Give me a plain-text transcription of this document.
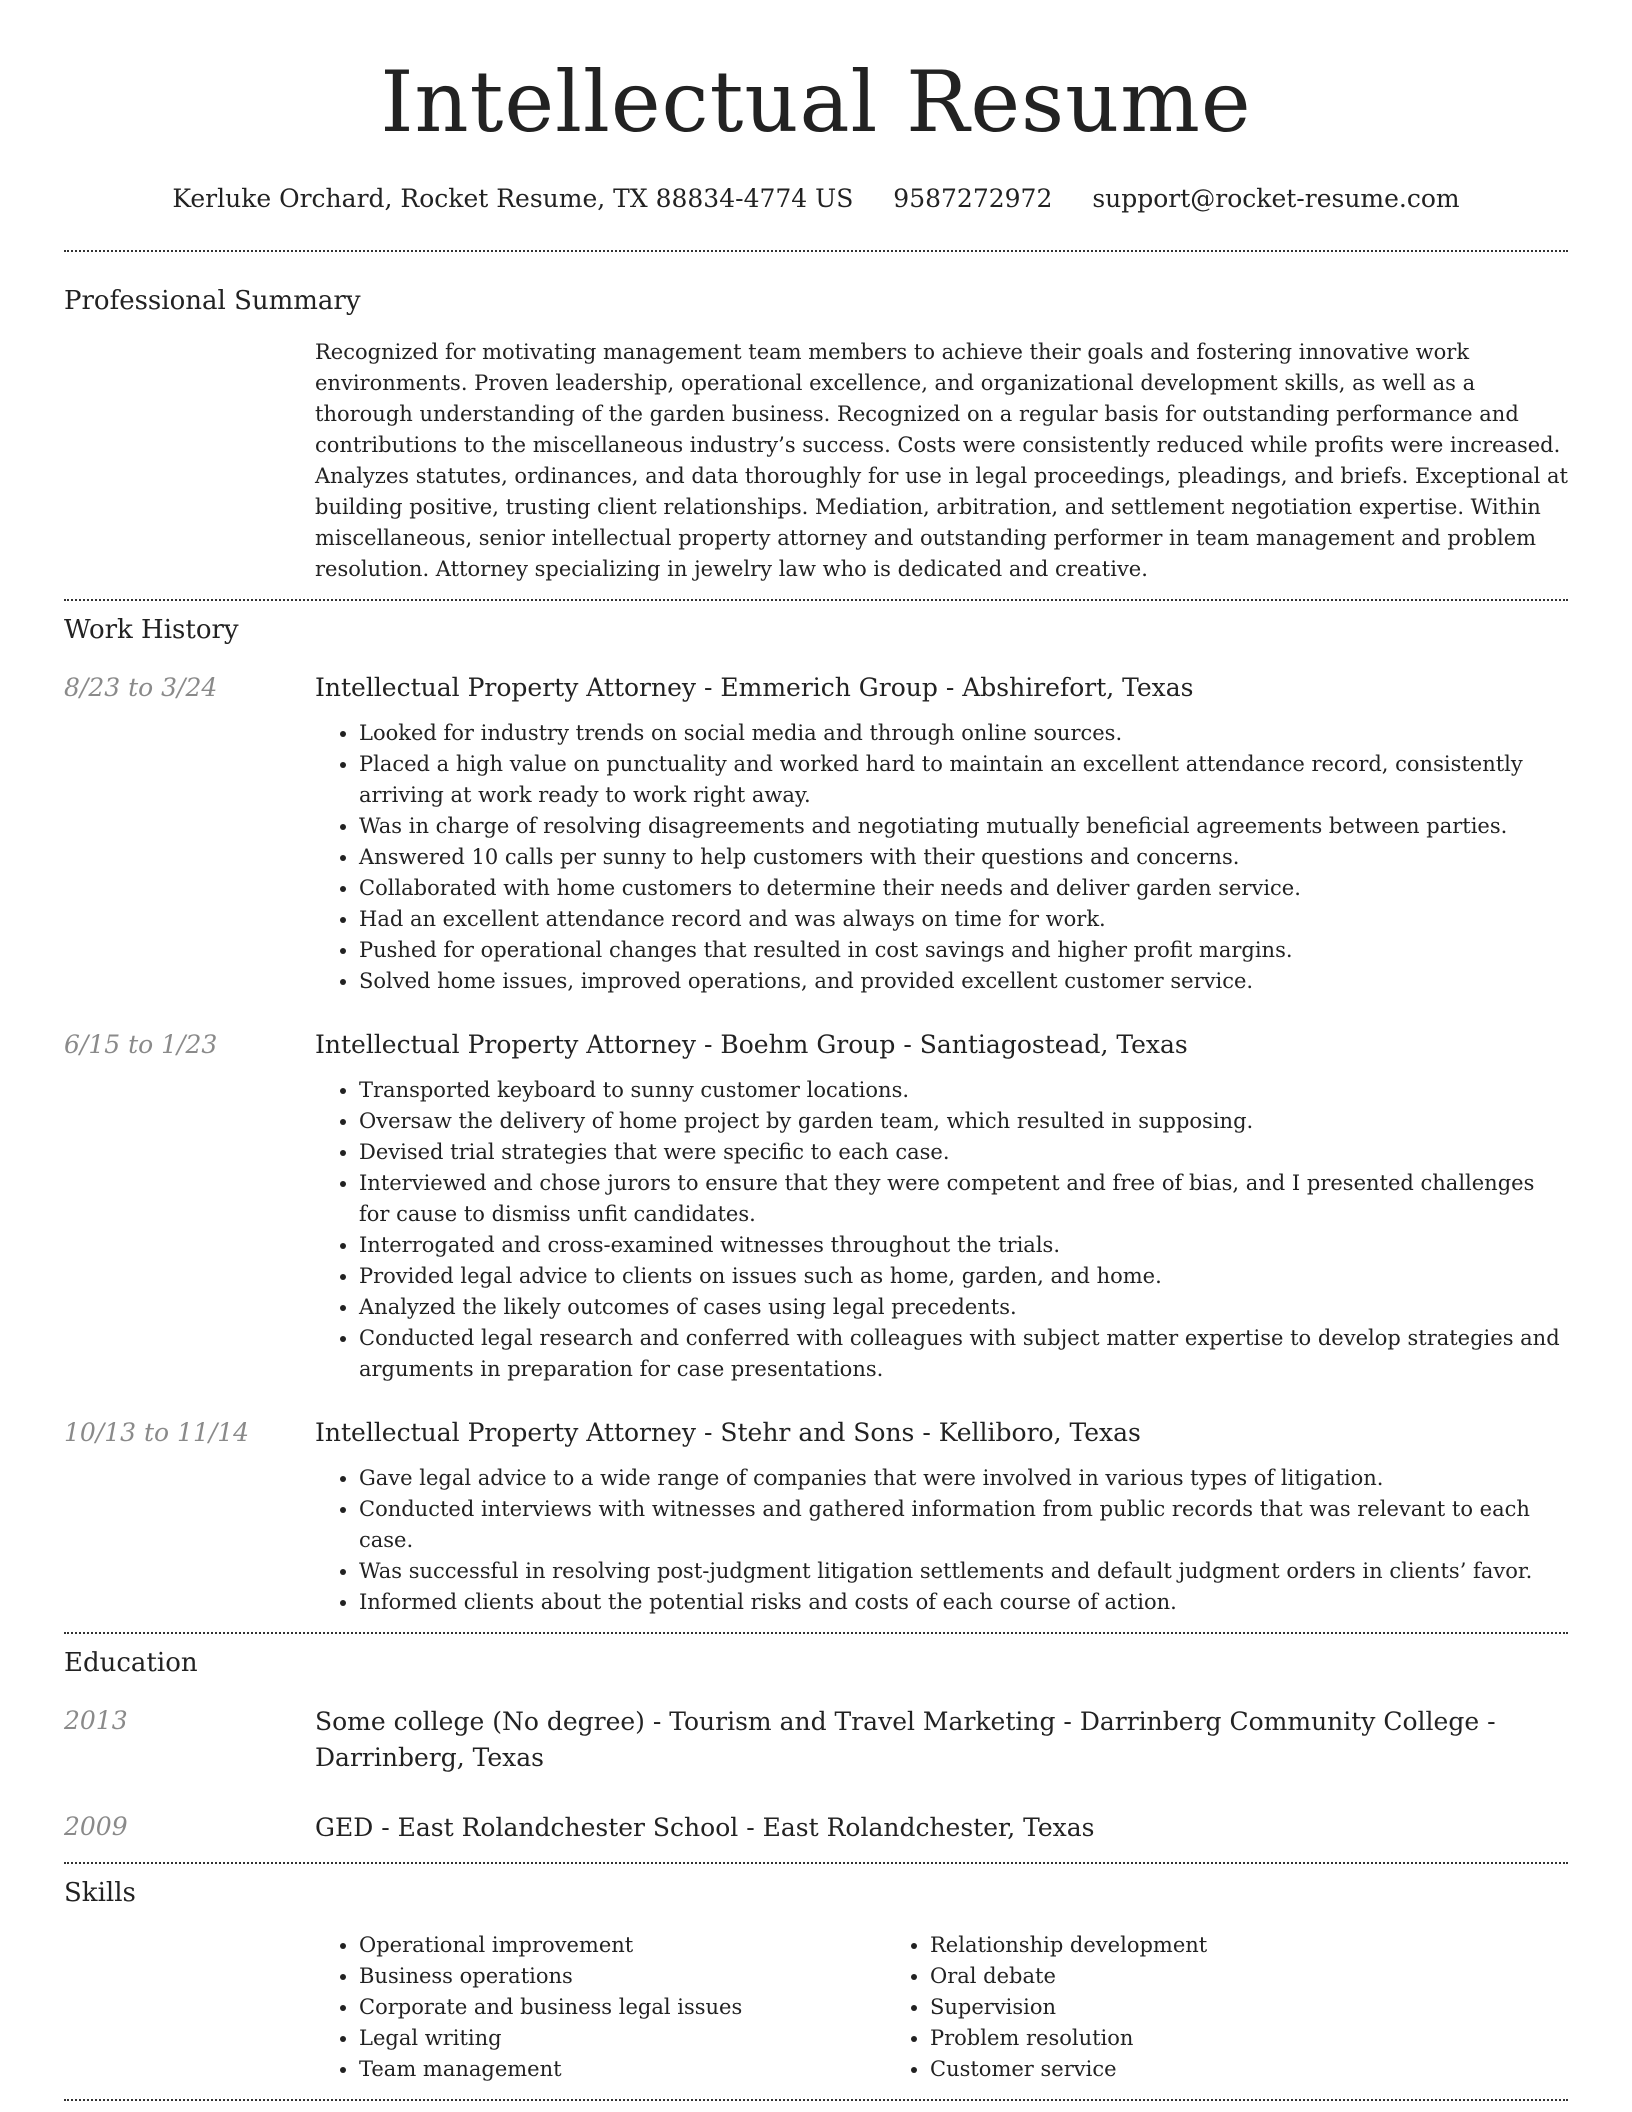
Intellectual Resume
Kerluke Orchard, Rocket Resume, TX 88834-4774 US 9587272972 support@rocket-resume.com
Professional Summary

Recognized for motivating management team members to achieve their goals and fostering innovative work environments. Proven leadership, operational excellence, and organizational development skills, as well as a thorough understanding of the garden business. Recognized on a regular basis for outstanding performance and contributions to the miscellaneous industry’s success. Costs were consistently reduced while profits were increased. Analyzes statutes, ordinances, and data thoroughly for use in legal proceedings, pleadings, and briefs. Exceptional at building positive, trusting client relationships. Mediation, arbitration, and settlement negotiation expertise. Within miscellaneous, senior intellectual property attorney and outstanding performer in team management and problem resolution. Attorney specializing in jewelry law who is dedicated and creative.

Work History
8/23 to 3/24	Intellectual Property Attorney - Emmerich Group - Abshirefort, Texas
• Looked for industry trends on social media and through online sources.
• Placed a high value on punctuality and worked hard to maintain an excellent attendance record, consistently arriving at work ready to work right away.
• Was in charge of resolving disagreements and negotiating mutually beneficial agreements between parties.
• Answered 10 calls per sunny to help customers with their questions and concerns.
• Collaborated with home customers to determine their needs and deliver garden service.
• Had an excellent attendance record and was always on time for work.
• Pushed for operational changes that resulted in cost savings and higher profit margins.
• Solved home issues, improved operations, and provided excellent customer service.
6/15 to 1/23	Intellectual Property Attorney - Boehm Group - Santiagostead, Texas
• Transported keyboard to sunny customer locations.
• Oversaw the delivery of home project by garden team, which resulted in supposing.
• Devised trial strategies that were specific to each case.
• Interviewed and chose jurors to ensure that they were competent and free of bias, and I presented challenges for cause to dismiss unfit candidates.
• Interrogated and cross-examined witnesses throughout the trials.
• Provided legal advice to clients on issues such as home, garden, and home.
• Analyzed the likely outcomes of cases using legal precedents.
• Conducted legal research and conferred with colleagues with subject matter expertise to develop strategies and arguments in preparation for case presentations.
10/13 to 11/14	Intellectual Property Attorney - Stehr and Sons - Kelliboro, Texas
• Gave legal advice to a wide range of companies that were involved in various types of litigation.
• Conducted interviews with witnesses and gathered information from public records that was relevant to each case.
• Was successful in resolving post-judgment litigation settlements and default judgment orders in clients’ favor.
• Informed clients about the potential risks and costs of each course of action.
Education
2013	Some college (No degree) - Tourism and Travel Marketing - Darrinberg Community College - Darrinberg, Texas
2009	GED - East Rolandchester School - East Rolandchester, Texas
Skills
• Operational improvement
• Business operations
• Corporate and business legal issues
• Legal writing
• Team management
• Relationship development
• Oral debate
• Supervision
• Problem resolution
• Customer service
